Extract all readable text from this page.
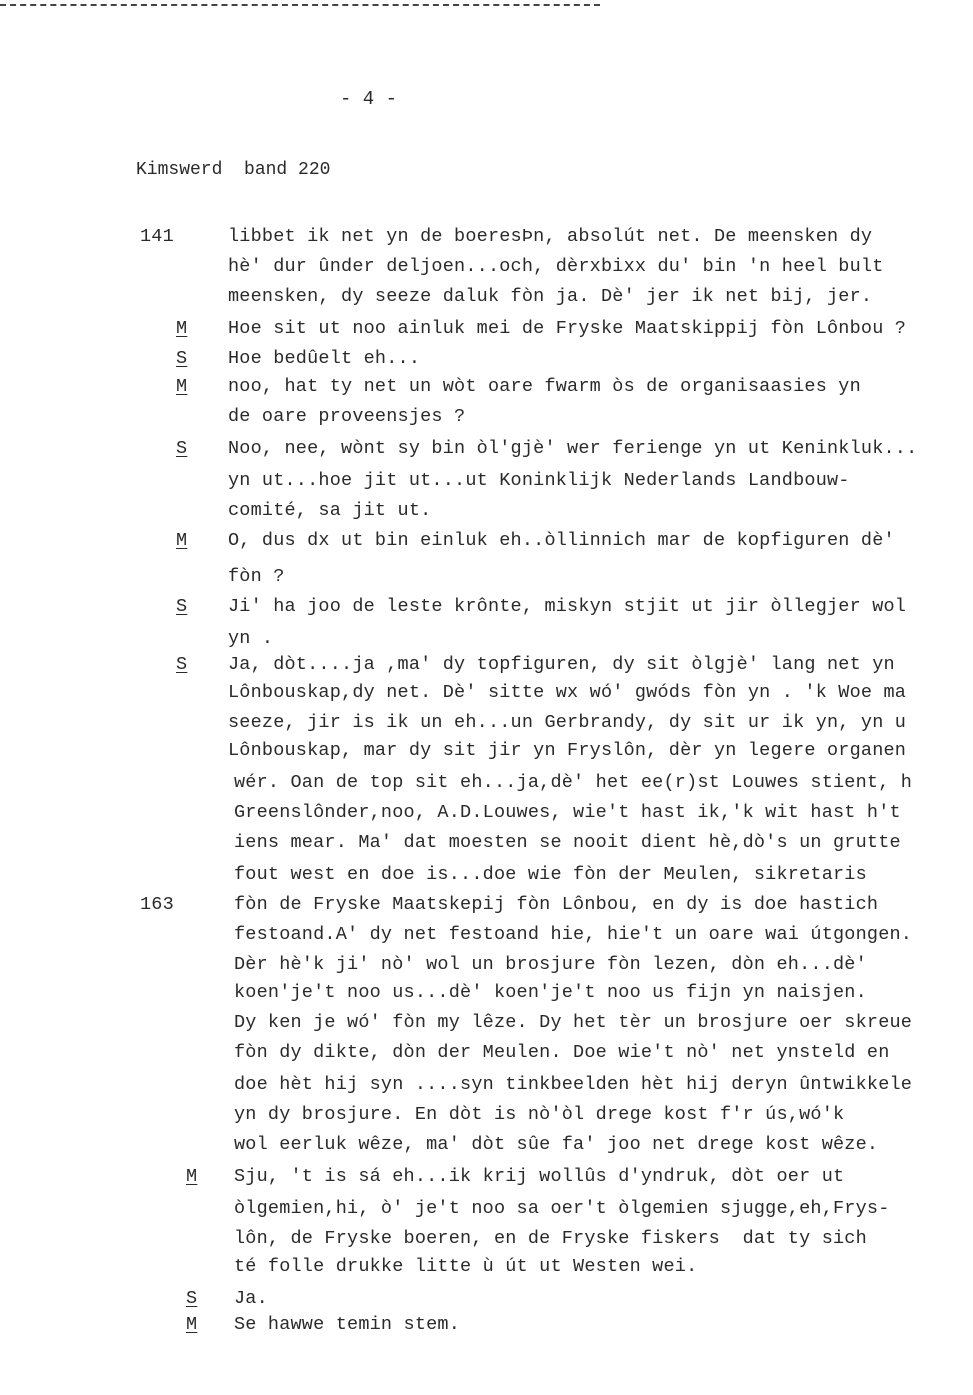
- 4 -
Kimswerd band 220
141	libbet ik net yn de boeresÞn, absolút net. De meensken dy
hè' dur ûnder deljoen...och, dèrxbixx du' bin 'n heel bult
meensken, dy seeze daluk fòn ja. Dè' jer ik net bij, jer.
M	Hoe sit ut noo ainluk mei de Fryske Maatskippij fòn Lônbou ?
S	Hoe bedûelt eh...
M	noo, hat ty net un wòt oare fwarm òs de organisaasies yn
de oare proveensjes ?
S	Noo, nee, wònt sy bin òl'gjè' wer ferienge yn ut Keninkluk...
yn ut...hoe jit ut...ut Koninklijk Nederlands Landbouw-
comité, sa jit ut.
M	O, dus dx ut bin einluk eh..òllinnich mar de kopfiguren dè'
fòn ?
S	Ji' ha joo de leste krônte, miskyn stjit ut jir òllegjer wol
yn .
S	Ja, dòt....ja ,ma' dy topfiguren, dy sit òlgjè' lang net yn
Lônbouskap,dy net. Dè' sitte wx wó' gwóds fòn yn . 'k Woe ma
seeze, jir is ik un eh...un Gerbrandy, dy sit ur ik yn, yn u
Lônbouskap, mar dy sit jir yn Fryslôn, dèr yn legere organen
wér. Oan de top sit eh...ja,dè' het ee(r)st Louwes stient, h
Greenslônder,noo, A.D.Louwes, wie't hast ik,'k wit hast h't
iens mear. Ma' dat moesten se nooit dient hè,dò's un grutte
fout west en doe is...doe wie fòn der Meulen, sikretaris
163	fòn de Fryske Maatskepij fòn Lônbou, en dy is doe hastich
festoand.A' dy net festoand hie, hie't un oare wai útgongen.
Dèr hè'k ji' nò' wol un brosjure fòn lezen, dòn eh...dè'
koen'je't noo us...dè' koen'je't noo us fijn yn naisjen.
Dy ken je wó' fòn my lêze. Dy het tèr un brosjure oer skreue
fòn dy dikte, dòn der Meulen. Doe wie't nò' net ynsteld en
doe hèt hij syn ....syn tinkbeelden hèt hij deryn ûntwikkele
yn dy brosjure. En dòt is nò'òl drege kost f'r ús,wó'k
wol eerluk wêze, ma' dòt sûe fa' joo net drege kost wêze.
M	Sju, 't is sá eh...ik krij wollûs d'yndruk, dòt oer ut
òlgemien,hi, ò' je't noo sa oer't òlgemien sjugge,eh,Frys-
lôn, de Fryske boeren, en de Fryske fiskers  dat ty sich
té folle drukke litte ù út ut Westen wei.
S	Ja.
M	Se hawwe temin stem.
